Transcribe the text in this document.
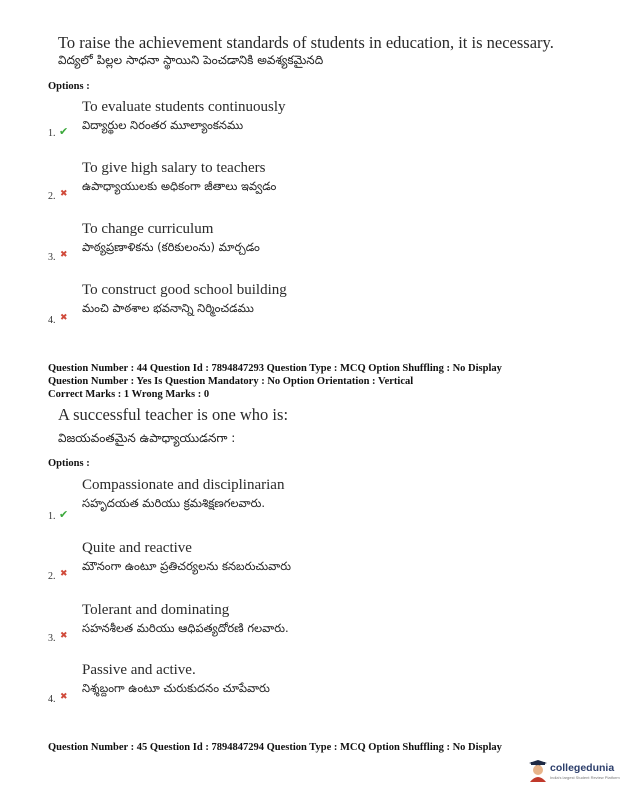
To raise the achievement standards of students in education, it is necessary.
విద్యలో పిల్లల సాధనా స్థాయిని పెంచడానికి అవశ్యకమైనది
Options :
To evaluate students continuously
విద్యార్థుల నిరంతర మూల్యాంకనము
1. ✔
To give high salary to teachers
ఉపాధ్యాయులకు అధికంగా జీతాలు ఇవ్వడం
2. ✖
To change curriculum
పాఠ్యప్రణాళికను (కరికులంను) మార్చడం
3. ✖
To construct good school building
మంచి పాఠశాల భవనాన్ని నిర్మించడము
4. ✖
Question Number : 44 Question Id : 7894847293 Question Type : MCQ Option Shuffling : No Display
Question Number : Yes Is Question Mandatory : No Option Orientation : Vertical
Correct Marks : 1 Wrong Marks : 0
A successful teacher is one who is:
విజయవంతమైన ఉపాధ్యాయుడనగా :
Options :
Compassionate and disciplinarian
సహృదయత మరియు క్రమశిక్షణగలవారు.
1. ✔
Quite and reactive
మౌనంగా ఉంటూ ప్రతిచర్యలను కనబరుచువారు
2. ✖
Tolerant and dominating
సహనశీలత మరియు ఆధిపత్యదోరణి గలవారు.
3. ✖
Passive and active.
నిశ్శబ్దంగా ఉంటూ చురుకుదనం చూపేవారు
4. ✖
Question Number : 45 Question Id : 7894847294 Question Type : MCQ Option Shuffling : No Display
collegedunia
India's largest Student Review Platform
